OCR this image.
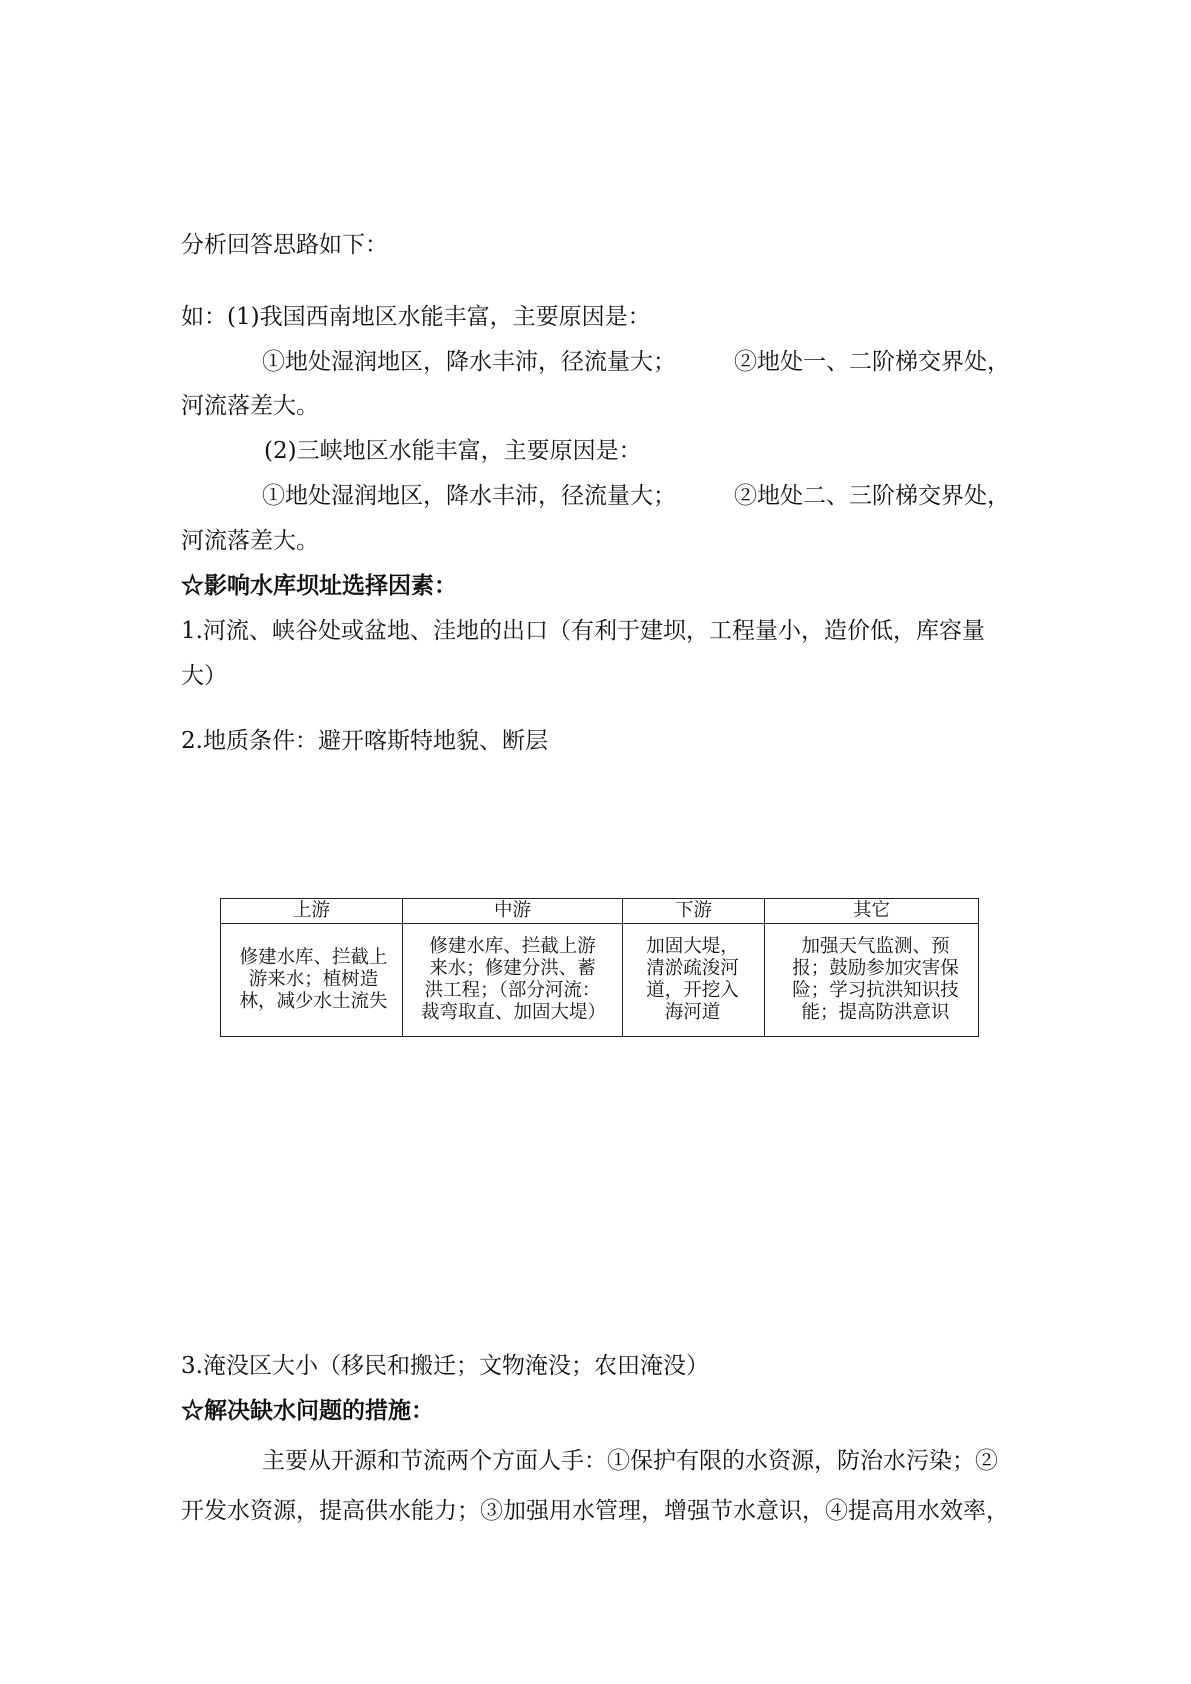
分析回答思路如下：
如：(1)我国西南地区水能丰富，主要原因是：
①地处湿润地区，降水丰沛，径流量大；	②地处一、二阶梯交界处，
河流落差大。
(2)三峡地区水能丰富，主要原因是：
①地处湿润地区，降水丰沛，径流量大；	②地处二、三阶梯交界处，
河流落差大。
☆影响水库坝址选择因素：
1.河流、峡谷处或盆地、洼地的出口（有利于建坝，工程量小，造价低，库容量
大）
2.地质条件：避开喀斯特地貌、断层
上游	中游	下游	其它
修建水库、拦截上游来水；植树造林，减少水土流失	修建水库、拦截上游来水；修建分洪、蓄洪工程；（部分河流：裁弯取直、加固大堤）	加固大堤，清淤疏浚河道，开挖入海河道	加强天气监测、预报；鼓励参加灾害保险；学习抗洪知识技能；提高防洪意识
3.淹没区大小（移民和搬迁；文物淹没；农田淹没）
☆解决缺水问题的措施：
主要从开源和节流两个方面人手：①保护有限的水资源，防治水污染；②
开发水资源，提高供水能力；③加强用水管理，增强节水意识，④提高用水效率，
